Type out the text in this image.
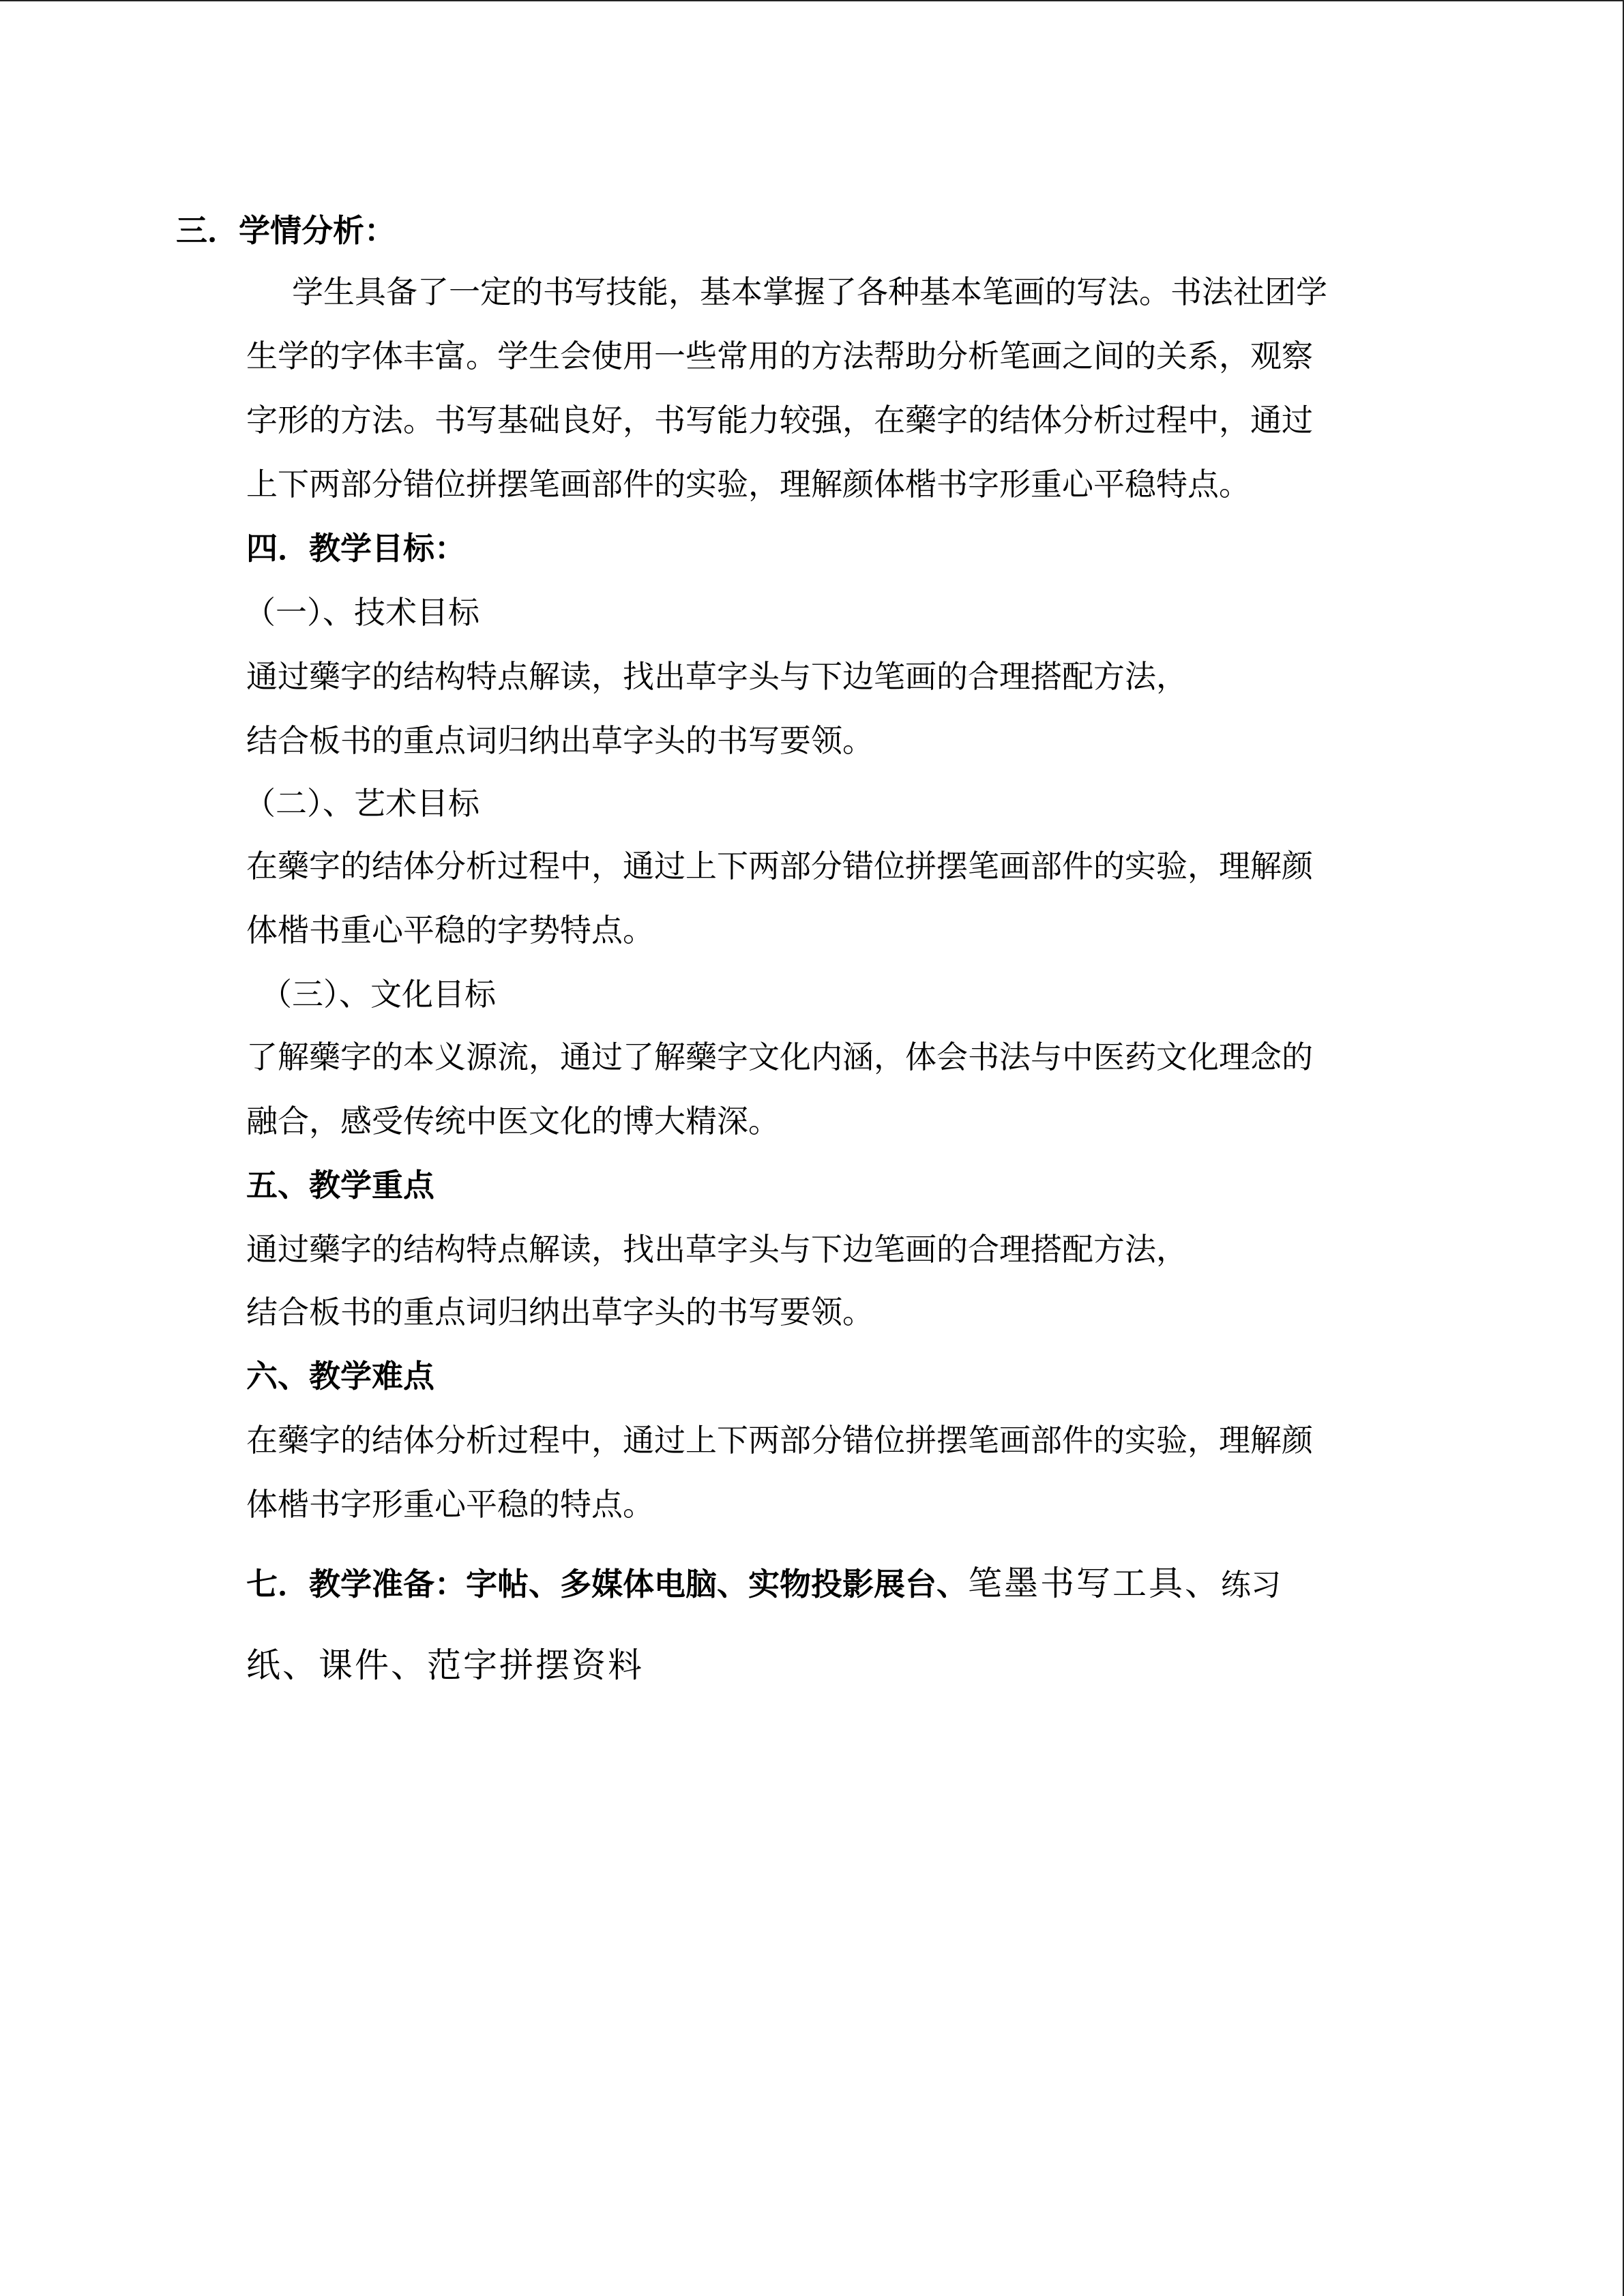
三．学情分析：
学生具备了一定的书写技能，基本掌握了各种基本笔画的写法。书法社团学
生学的字体丰富。学生会使用一些常用的方法帮助分析笔画之间的关系，观察
字形的方法。书写基础良好，书写能力较强，在藥字的结体分析过程中，通过
上下两部分错位拼摆笔画部件的实验，理解颜体楷书字形重心平稳特点。
四．教学目标：
（一）、技术目标
通过藥字的结构特点解读，找出草字头与下边笔画的合理搭配方法，
结合板书的重点词归纳出草字头的书写要领。
（二）、艺术目标
在藥字的结体分析过程中，通过上下两部分错位拼摆笔画部件的实验，理解颜
体楷书重心平稳的字势特点。
（三）、文化目标
了解藥字的本义源流，通过了解藥字文化内涵，体会书法与中医药文化理念的
融合，感受传统中医文化的博大精深。
五、教学重点
通过藥字的结构特点解读，找出草字头与下边笔画的合理搭配方法，
结合板书的重点词归纳出草字头的书写要领。
六、教学难点
在藥字的结体分析过程中，通过上下两部分错位拼摆笔画部件的实验，理解颜
体楷书字形重心平稳的特点。
七．教学准备：字帖、多媒体电脑、实物投影展台、笔墨书写工具、练习
纸、课件、范字拼摆资料
